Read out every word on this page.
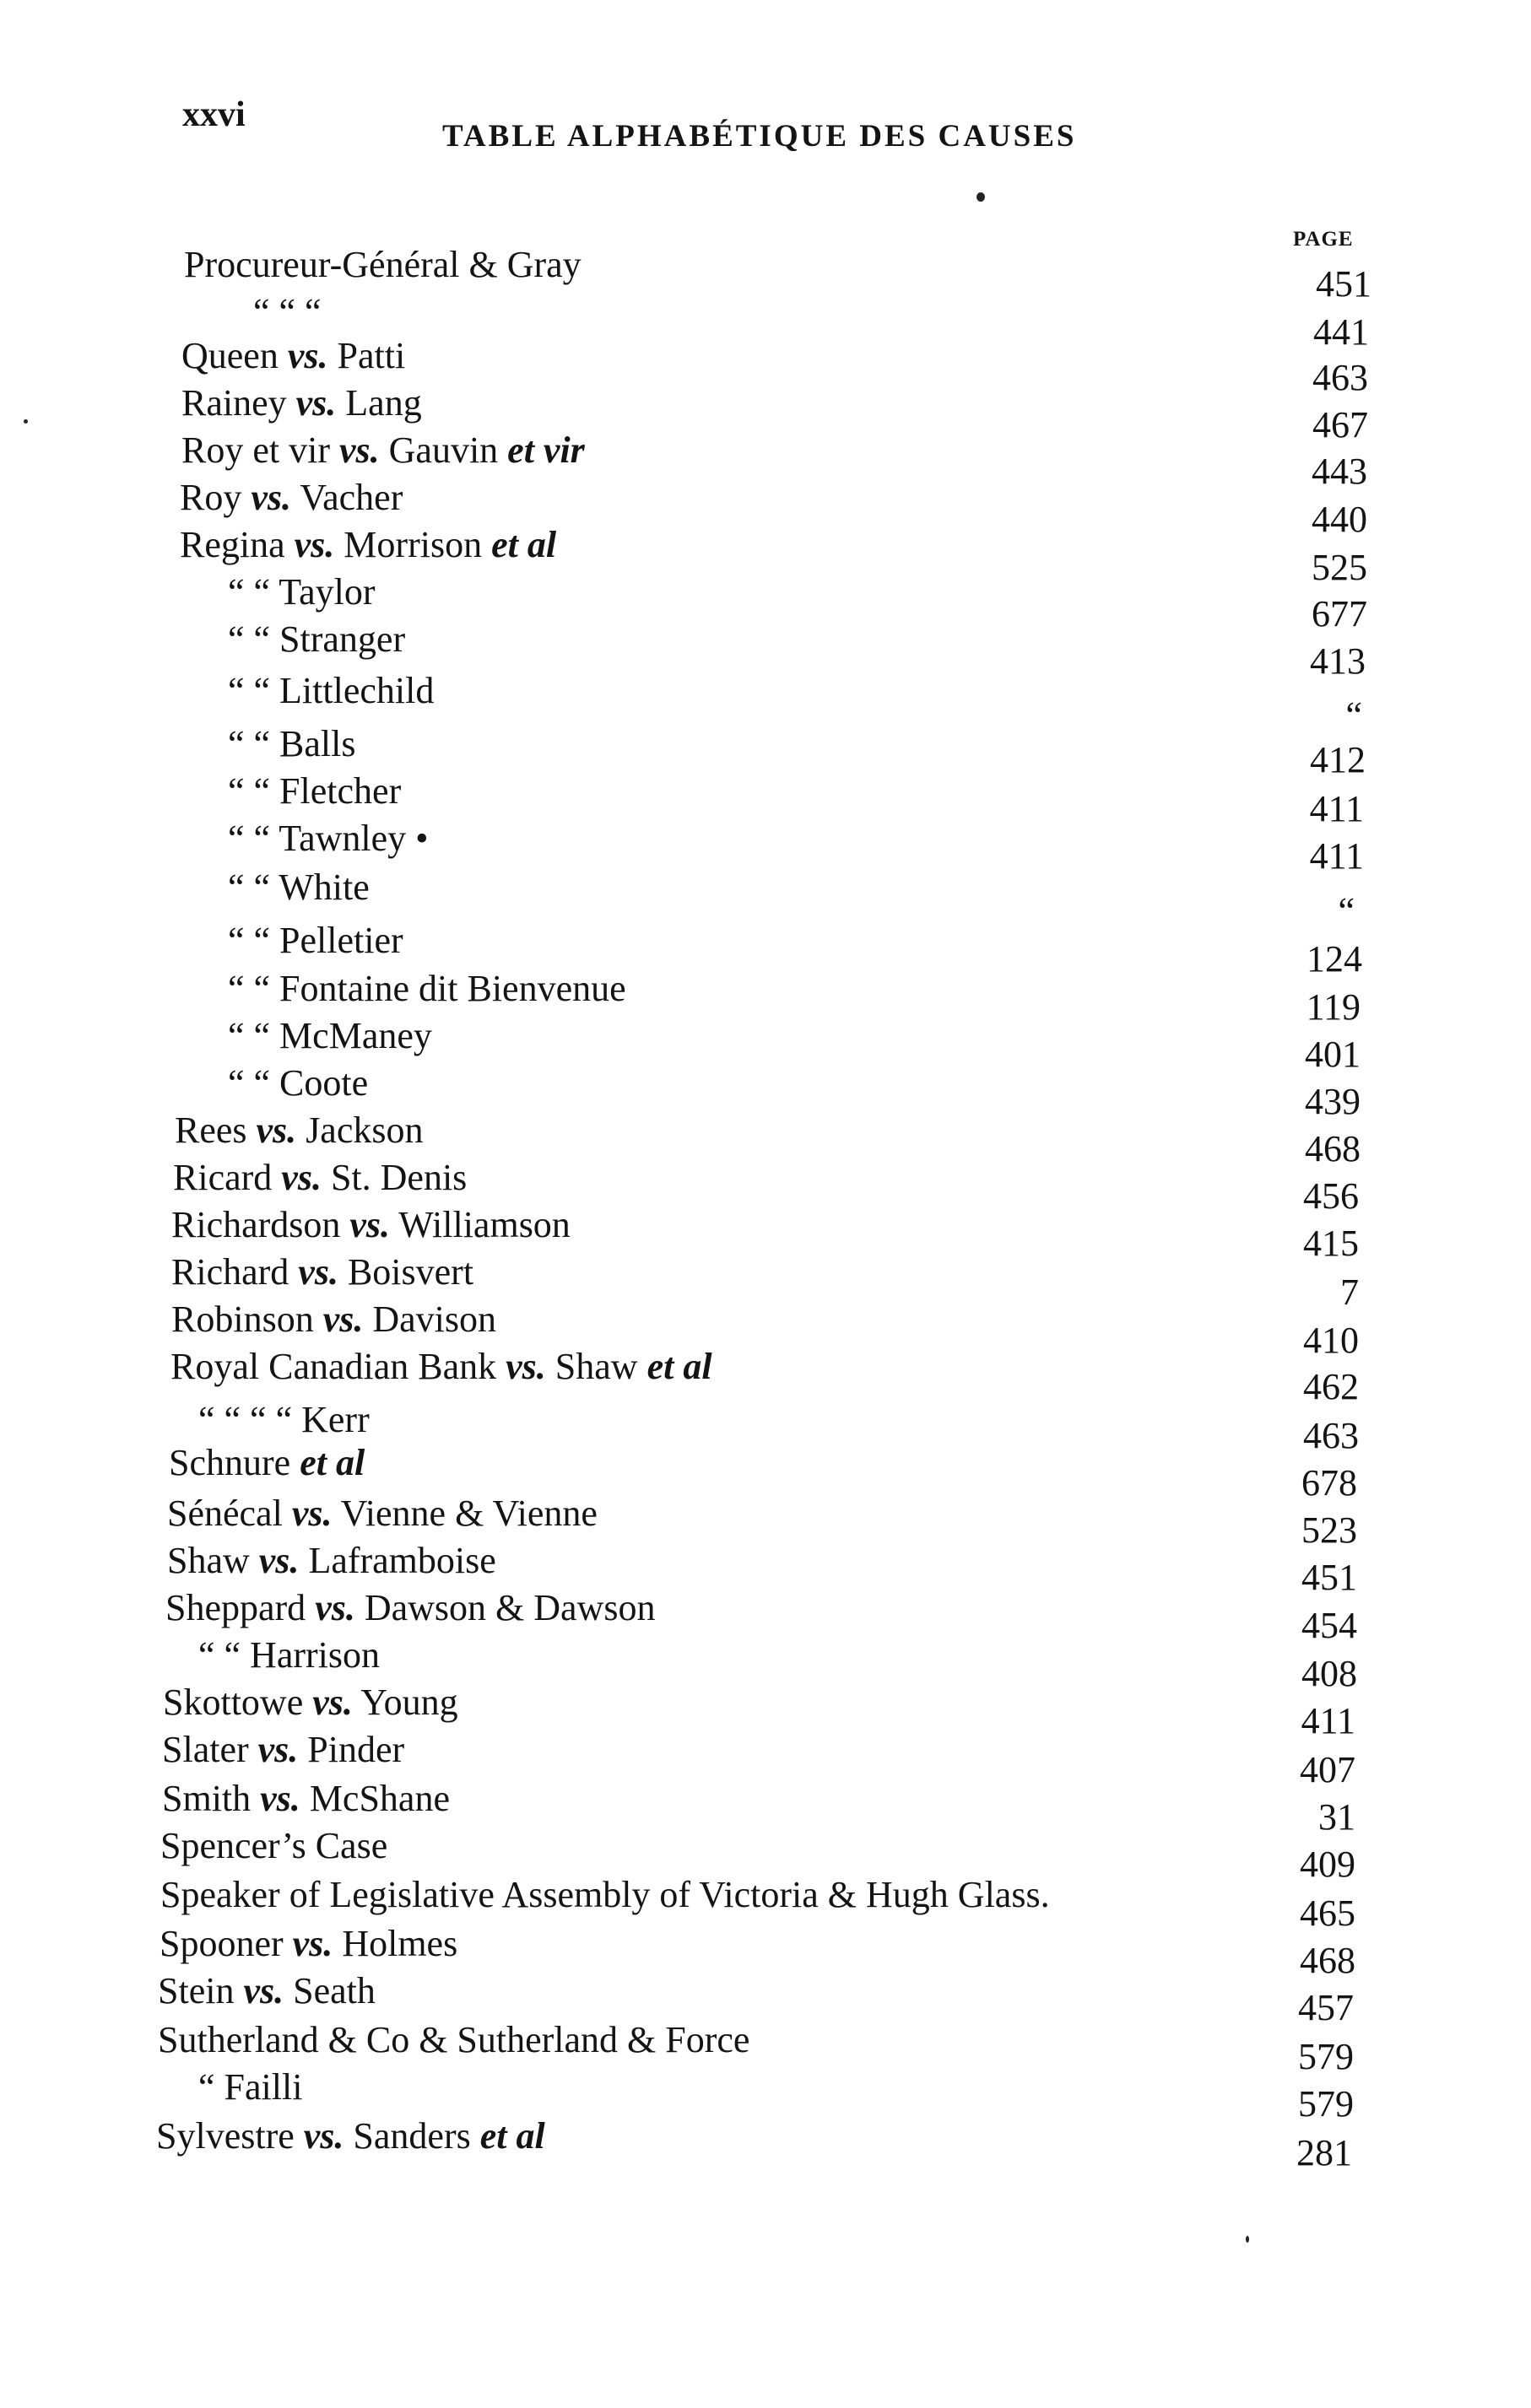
xxvi
TABLE ALPHABÉTIQUE DES CAUSES
PAGE
Procureur-Général & Gray
“ “ “
Queen vs. Patti
Rainey vs. Lang
Roy et vir vs. Gauvin et vir
Roy vs. Vacher
Regina vs. Morrison et al
“ “ Taylor
“ “ Stranger
“ “ Littlechild
“ “ Balls
“ “ Fletcher
“ “ Tawnley •
“ “ White
“ “ Pelletier
“ “ Fontaine dit Bienvenue
“ “ McManey
“ “ Coote
Rees vs. Jackson
Ricard vs. St. Denis
Richardson vs. Williamson
Richard vs. Boisvert
Robinson vs. Davison
Royal Canadian Bank vs. Shaw et al
“ “ “ “ Kerr
Schnure et al
Sénécal vs. Vienne & Vienne
Shaw vs. Laframboise
Sheppard vs. Dawson & Dawson
“ “ Harrison
Skottowe vs. Young
Slater vs. Pinder
Smith vs. McShane
Spencer’s Case
Speaker of Legislative Assembly of Victoria & Hugh Glass.
Spooner vs. Holmes
Stein vs. Seath
Sutherland & Co & Sutherland & Force
“ Failli
Sylvestre vs. Sanders et al
451
441
463
467
443
440
525
677
413
“
412
411
411
“
124
119
401
439
468
456
415
7
410
462
463
678
523
451
454
408
411
407
31
409
465
468
457
579
579
281
